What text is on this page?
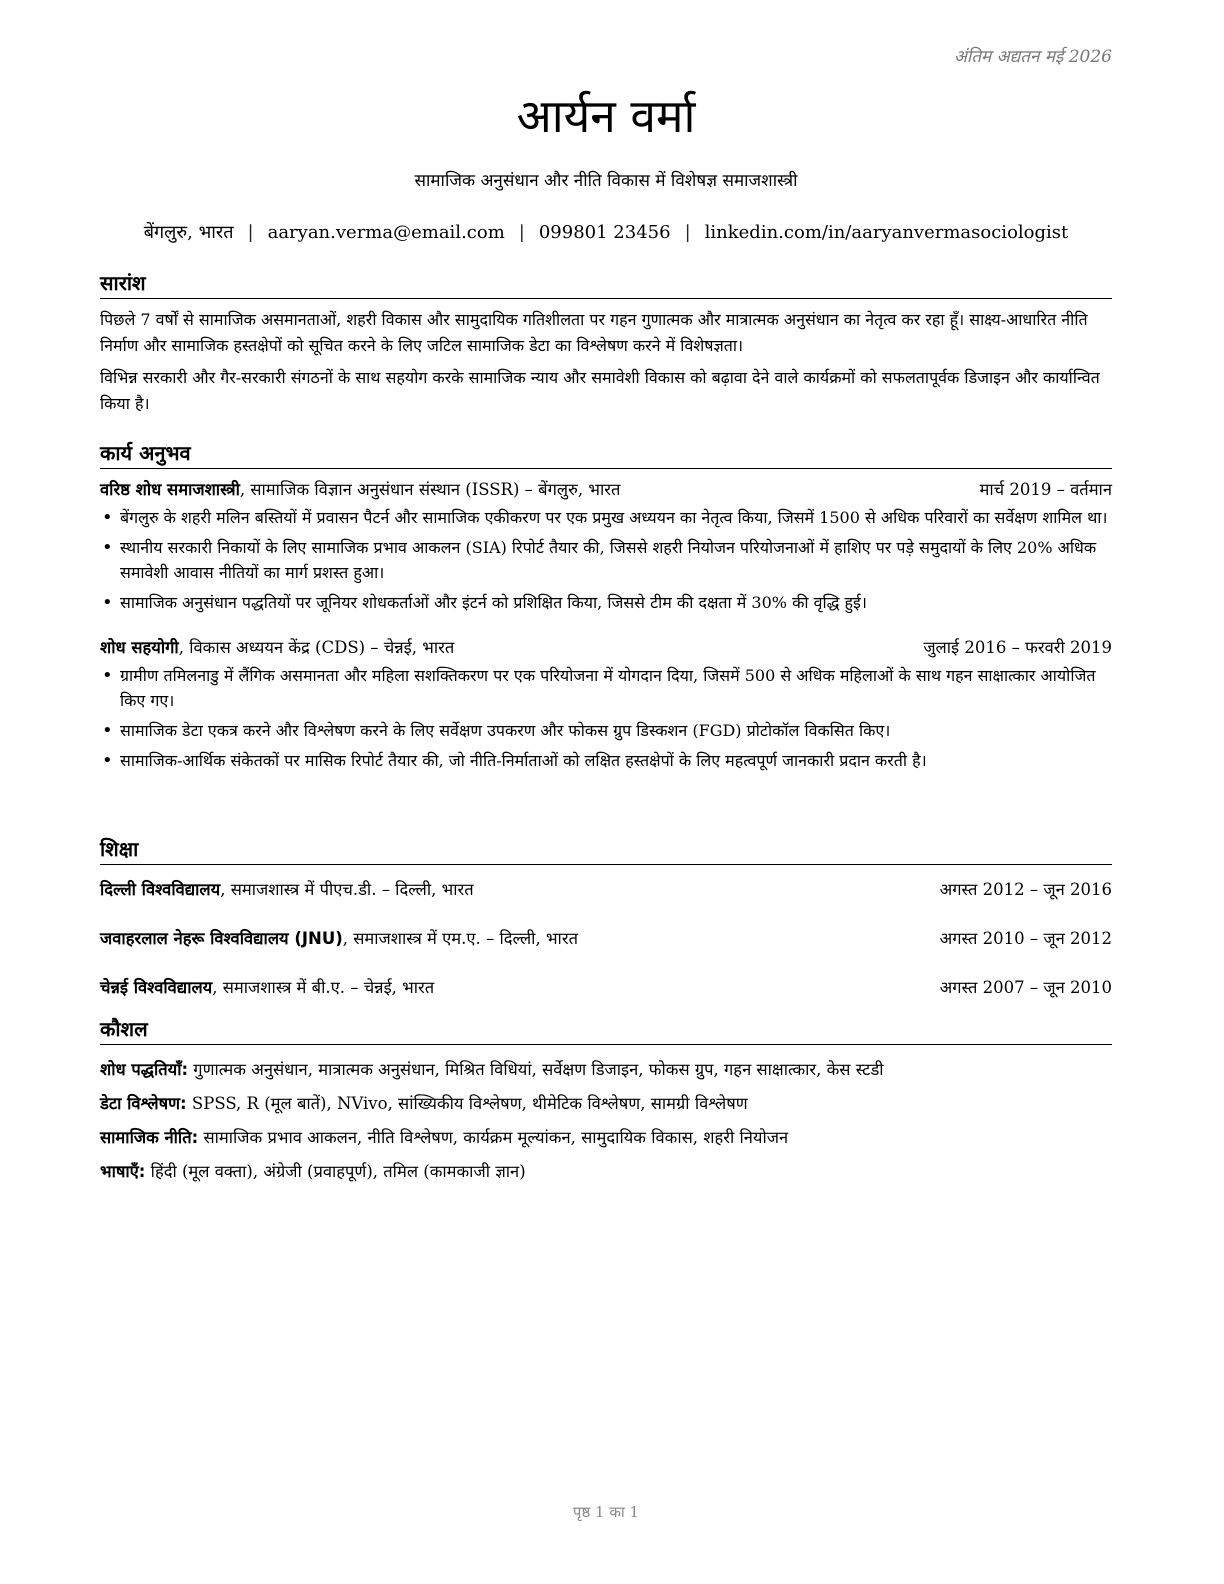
अंतिम अद्यतन मई 2026
आर्यन वर्मा
सामाजिक अनुसंधान और नीति विकास में विशेषज्ञ समाजशास्त्री
बेंगलुरु, भारत | aaryan.verma@email.com | 099801 23456 | linkedin.com/in/aaryanvermasociologist
सारांश

पिछले 7 वर्षों से सामाजिक असमानताओं, शहरी विकास और सामुदायिक गतिशीलता पर गहन गुणात्मक और मात्रात्मक अनुसंधान का नेतृत्व कर रहा हूँ। साक्ष्य-आधारित नीति निर्माण और सामाजिक हस्तक्षेपों को सूचित करने के लिए जटिल सामाजिक डेटा का विश्लेषण करने में विशेषज्ञता।

विभिन्न सरकारी और गैर-सरकारी संगठनों के साथ सहयोग करके सामाजिक न्याय और समावेशी विकास को बढ़ावा देने वाले कार्यक्रमों को सफलतापूर्वक डिजाइन और कार्यान्वित किया है।

कार्य अनुभव
वरिष्ठ शोध समाजशास्त्री, सामाजिक विज्ञान अनुसंधान संस्थान (ISSR) – बेंगलुरु, भारत	मार्च 2019 – वर्तमान
• बेंगलुरु के शहरी मलिन बस्तियों में प्रवासन पैटर्न और सामाजिक एकीकरण पर एक प्रमुख अध्ययन का नेतृत्व किया, जिसमें 1500 से अधिक परिवारों का सर्वेक्षण शामिल था।
• स्थानीय सरकारी निकायों के लिए सामाजिक प्रभाव आकलन (SIA) रिपोर्ट तैयार की, जिससे शहरी नियोजन परियोजनाओं में हाशिए पर पड़े समुदायों के लिए 20% अधिक समावेशी आवास नीतियों का मार्ग प्रशस्त हुआ।
• सामाजिक अनुसंधान पद्धतियों पर जूनियर शोधकर्ताओं और इंटर्न को प्रशिक्षित किया, जिससे टीम की दक्षता में 30% की वृद्धि हुई।
शोध सहयोगी, विकास अध्ययन केंद्र (CDS) – चेन्नई, भारत	जुलाई 2016 – फरवरी 2019
• ग्रामीण तमिलनाडु में लैंगिक असमानता और महिला सशक्तिकरण पर एक परियोजना में योगदान दिया, जिसमें 500 से अधिक महिलाओं के साथ गहन साक्षात्कार आयोजित किए गए।
• सामाजिक डेटा एकत्र करने और विश्लेषण करने के लिए सर्वेक्षण उपकरण और फोकस ग्रुप डिस्कशन (FGD) प्रोटोकॉल विकसित किए।
• सामाजिक-आर्थिक संकेतकों पर मासिक रिपोर्ट तैयार की, जो नीति-निर्माताओं को लक्षित हस्तक्षेपों के लिए महत्वपूर्ण जानकारी प्रदान करती है।
शिक्षा
दिल्ली विश्वविद्यालय, समाजशास्त्र में पीएच.डी. – दिल्ली, भारत	अगस्त 2012 – जून 2016
जवाहरलाल नेहरू विश्वविद्यालय (JNU), समाजशास्त्र में एम.ए. – दिल्ली, भारत	अगस्त 2010 – जून 2012
चेन्नई विश्वविद्यालय, समाजशास्त्र में बी.ए. – चेन्नई, भारत	अगस्त 2007 – जून 2010
कौशल
शोध पद्धतियाँ: गुणात्मक अनुसंधान, मात्रात्मक अनुसंधान, मिश्रित विधियां, सर्वेक्षण डिजाइन, फोकस ग्रुप, गहन साक्षात्कार, केस स्टडी
डेटा विश्लेषण: SPSS, R (मूल बातें), NVivo, सांख्यिकीय विश्लेषण, थीमेटिक विश्लेषण, सामग्री विश्लेषण
सामाजिक नीति: सामाजिक प्रभाव आकलन, नीति विश्लेषण, कार्यक्रम मूल्यांकन, सामुदायिक विकास, शहरी नियोजन
भाषाएँ: हिंदी (मूल वक्ता), अंग्रेजी (प्रवाहपूर्ण), तमिल (कामकाजी ज्ञान)
पृष्ठ 1 का 1
